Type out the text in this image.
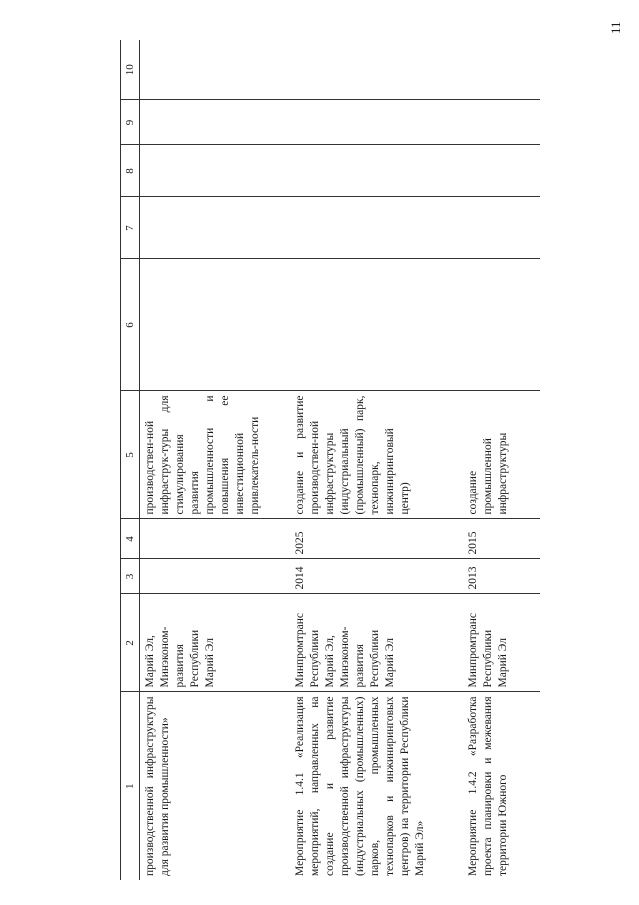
11
1	2	3	4	5	6	7	8	9	10
производственной инфраструктуры для развития промышленности»	Марий Эл, Минэконом-развития Республики Марий Эл			производствен-ной инфраструк-туры для стимулирования развития промышленности и повышения ее инвестиционной привлекатель-ности					
Мероприятие 1.4.1 «Реализация мероприятий, направленных на создание и развитие производственной инфраструктуры (индустриальных (промышленных) парков, промышленных технопарков и инжиниринговых центров) на территории Республики Марий Эл»	Минпромтранс Республики Марий Эл, Минэконом-развития Республики Марий Эл	2014	2025	создание и развитие производствен-ной инфраструктуры (индустриальный (промышленный) парк, технопарк, инжиниринговый центр)					
Мероприятие 1.4.2 «Разработка проекта планировки и межевания территории Южного	Минпромтранс Республики Марий Эл	2013	2015	создание промышленной инфраструктуры					
